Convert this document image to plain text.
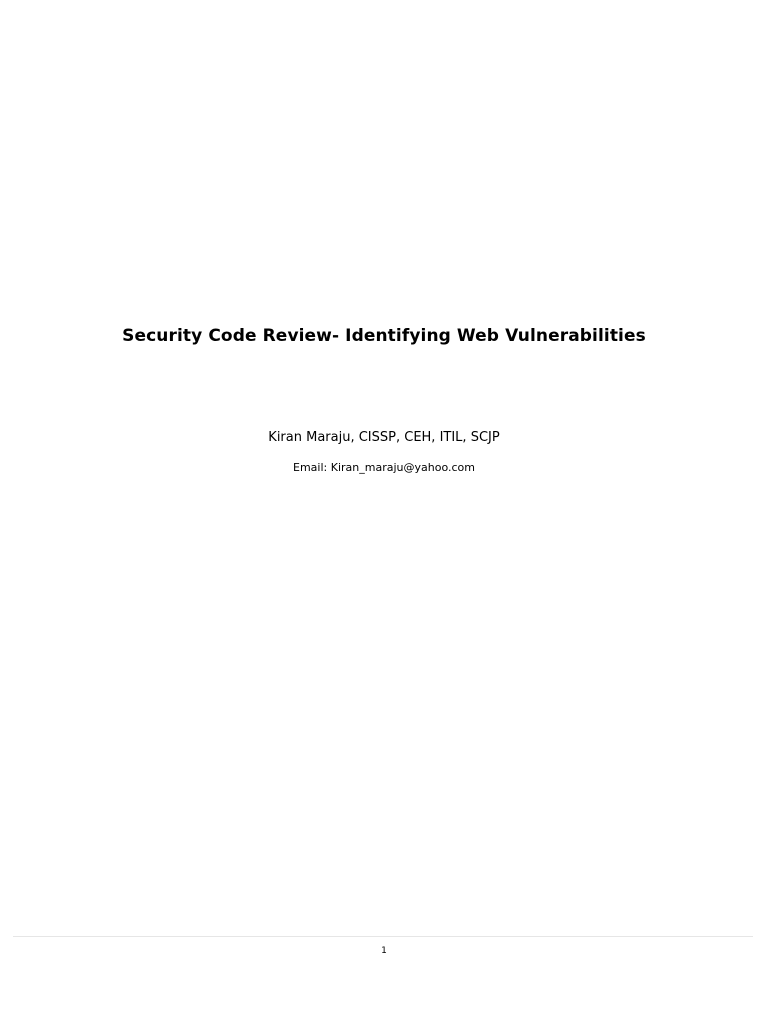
Security Code Review- Identifying Web Vulnerabilities
Kiran Maraju, CISSP, CEH, ITIL, SCJP
Email: Kiran_maraju@yahoo.com
1
